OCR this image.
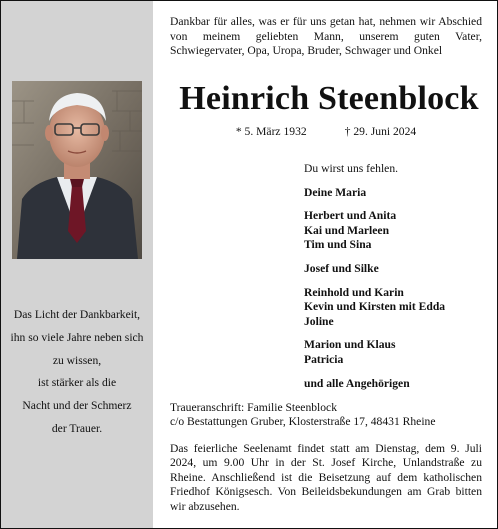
Das Licht der Dankbarkeit,
ihn so viele Jahre neben sich
zu wissen,
ist stärker als die
Nacht und der Schmerz
der Trauer.
Dankbar für alles, was er für uns getan hat, nehmen wir Abschied von meinem geliebten Mann, unserem guten Vater, Schwiegervater, Opa, Uropa, Bruder, Schwager und Onkel
Heinrich Steenblock
* 5. März 1932	† 29. Juni 2024
Du wirst uns fehlen.
Deine Maria
Herbert und Anita
Kai und Marleen
Tim und Sina
Josef und Silke
Reinhold und Karin
Kevin und Kirsten mit Edda
Joline
Marion und Klaus
Patricia
und alle Angehörigen
Traueranschrift: Familie Steenblock
c/o Bestattungen Gruber, Klosterstraße 17, 48431 Rheine
Das feierliche Seelenamt findet statt am Dienstag, dem 9. Juli 2024, um 9.00 Uhr in der St. Josef Kirche, Unlandstraße zu Rheine. Anschließend ist die Beisetzung auf dem katholischen Friedhof Königsesch. Von Beileidsbekundungen am Grab bitten wir abzusehen.
